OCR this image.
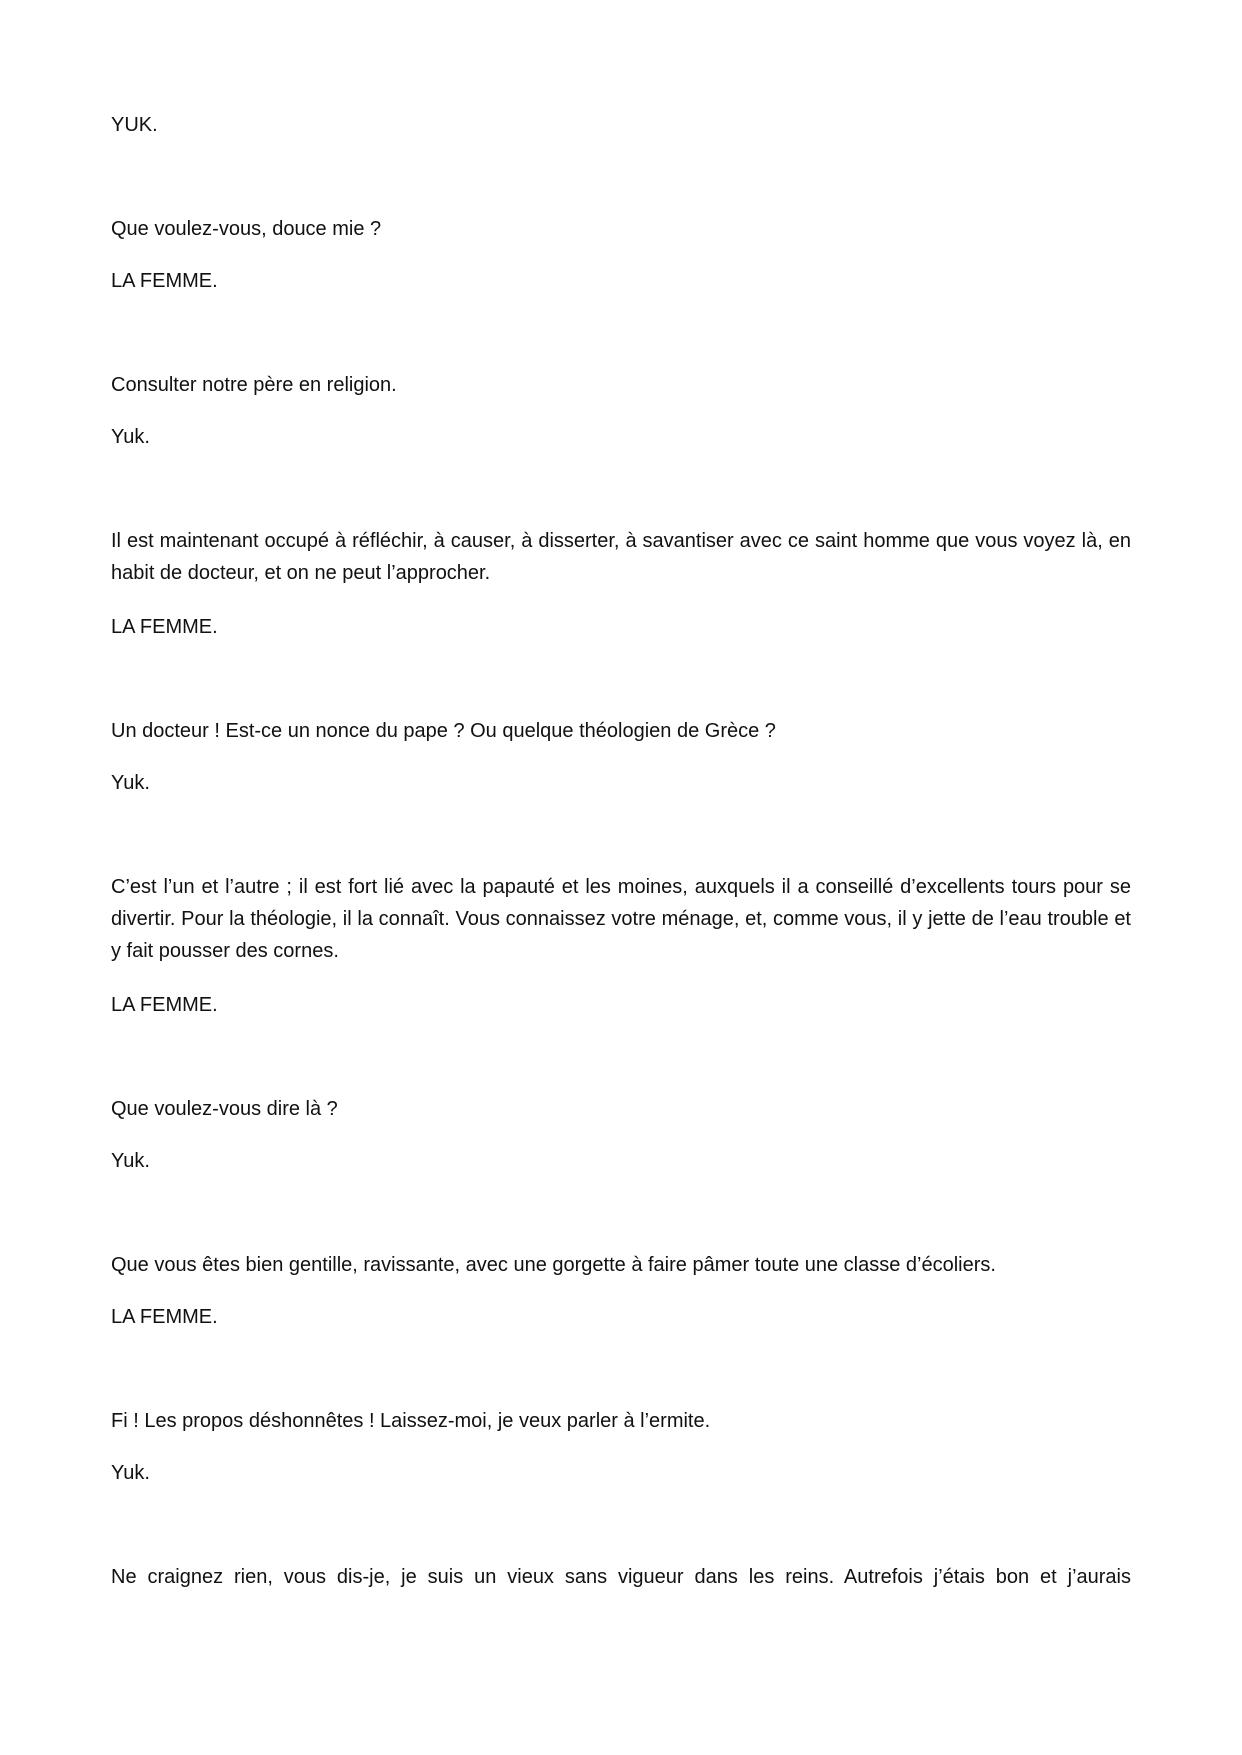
YUK.

Que voulez-vous, douce mie ?

LA FEMME.

Consulter notre père en religion.

Yuk.

Il est maintenant occupé à réfléchir, à causer, à disserter, à savantiser avec ce saint homme que vous voyez là, en habit de docteur, et on ne peut l’approcher.

LA FEMME.

Un docteur ! Est-ce un nonce du pape ? Ou quelque théologien de Grèce ?

Yuk.

C’est l’un et l’autre ; il est fort lié avec la papauté et les moines, auxquels il a conseillé d’excellents tours pour se divertir. Pour la théologie, il la connaît. Vous connaissez votre ménage, et, comme vous, il y jette de l’eau trouble et y fait pousser des cornes.

LA FEMME.

Que voulez-vous dire là ?

Yuk.

Que vous êtes bien gentille, ravissante, avec une gorgette à faire pâmer toute une classe d’écoliers.

LA FEMME.

Fi ! Les propos déshonnêtes ! Laissez-moi, je veux parler à l’ermite.

Yuk.

Ne craignez rien, vous dis-je, je suis un vieux sans vigueur dans les reins. Autrefois j’étais bon et j’aurais
